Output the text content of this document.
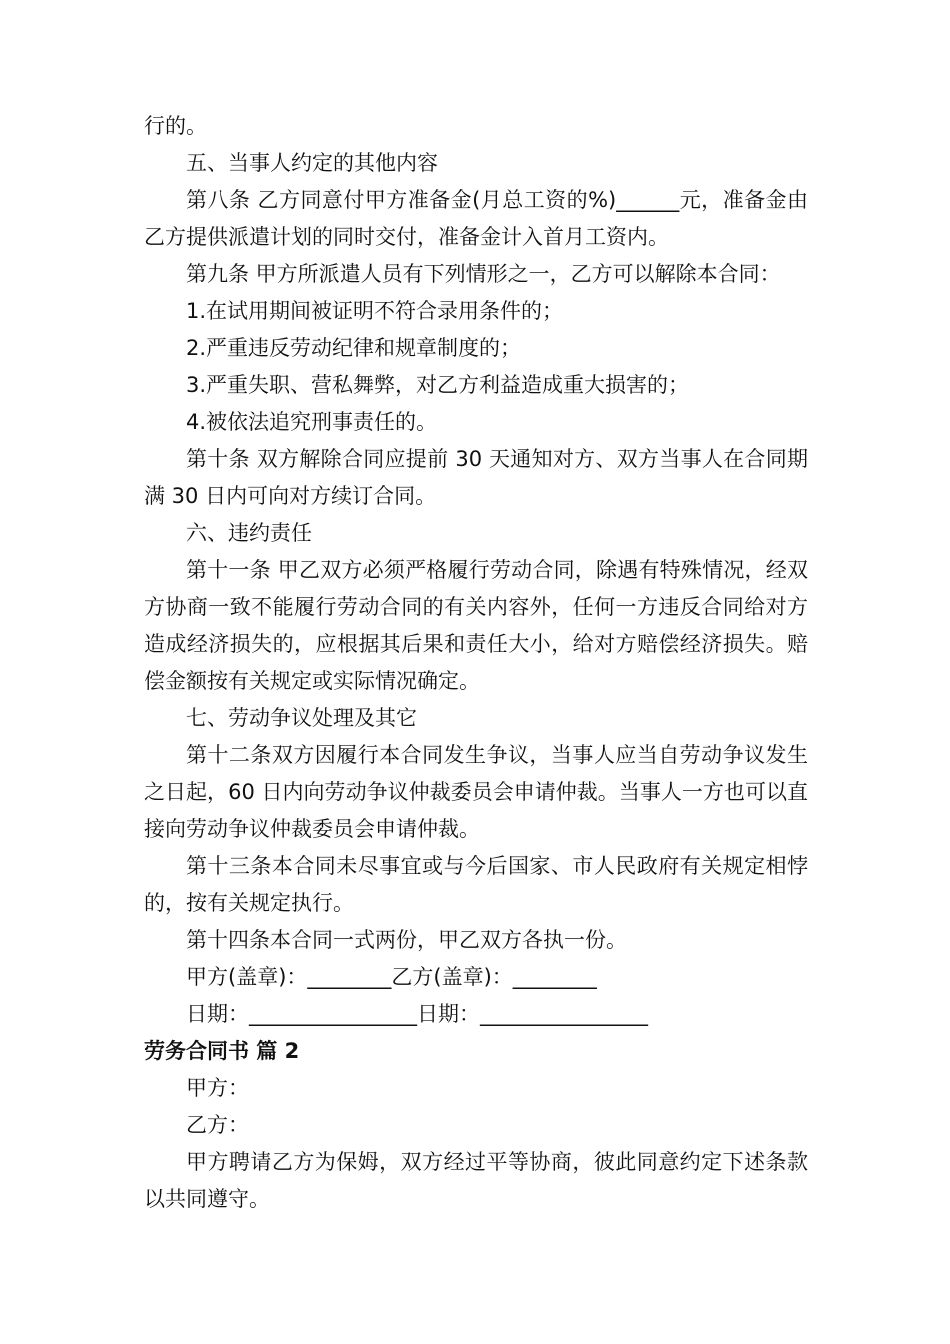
行的。

五、当事人约定的其他内容

第八条 乙方同意付甲方准备金(月总工资的%)______元，准备金由乙方提供派遣计划的同时交付，准备金计入首月工资内。

第九条 甲方所派遣人员有下列情形之一，乙方可以解除本合同：

1.在试用期间被证明不符合录用条件的；

2.严重违反劳动纪律和规章制度的；

3.严重失职、营私舞弊，对乙方利益造成重大损害的；

4.被依法追究刑事责任的。

第十条 双方解除合同应提前 30 天通知对方、双方当事人在合同期满 30 日内可向对方续订合同。

六、违约责任

第十一条 甲乙双方必须严格履行劳动合同，除遇有特殊情况，经双方协商一致不能履行劳动合同的有关内容外，任何一方违反合同给对方造成经济损失的，应根据其后果和责任大小，给对方赔偿经济损失。赔偿金额按有关规定或实际情况确定。

七、劳动争议处理及其它

第十二条双方因履行本合同发生争议，当事人应当自劳动争议发生之日起，60 日内向劳动争议仲裁委员会申请仲裁。当事人一方也可以直接向劳动争议仲裁委员会申请仲裁。

第十三条本合同未尽事宜或与今后国家、市人民政府有关规定相悖的，按有关规定执行。

第十四条本合同一式两份，甲乙双方各执一份。

甲方(盖章)：________乙方(盖章)：________

日期：________________日期：________________

劳务合同书 篇 2

甲方：

乙方：

甲方聘请乙方为保姆，双方经过平等协商，彼此同意约定下述条款以共同遵守。
